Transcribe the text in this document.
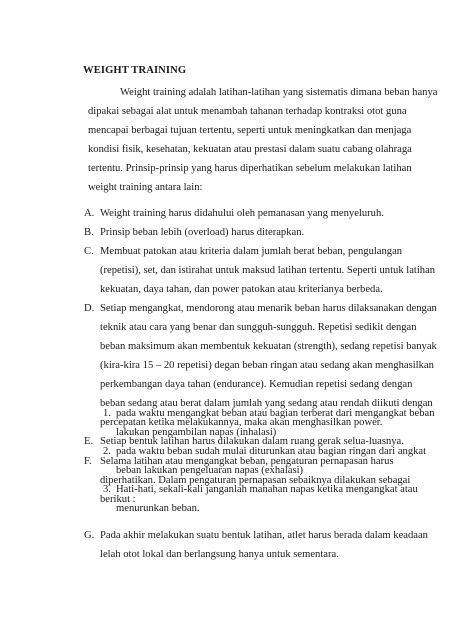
WEIGHT TRAINING
Weight training adalah latihan-latihan yang sistematis dimana beban hanya
dipakai sebagai alat untuk menambah tahanan terhadap kontraksi otot guna
mencapai berbagai tujuan tertentu, seperti untuk meningkatkan dan menjaga
kondisi fisik, kesehatan, kekuatan atau prestasi dalam suatu cabang olahraga
tertentu. Prinsip-prinsip yang harus diperhatikan sebelum melakukan latihan
weight training antara lain:
A. Weight training harus didahului oleh pemanasan yang menyeluruh.
B. Prinsip beban lebih (overload) harus diterapkan.
C. Membuat patokan atau kriteria dalam jumlah berat beban, pengulangan
(repetisi), set, dan istirahat untuk maksud latihan tertentu. Seperti untuk latihan
kekuatan, daya tahan, dan power patokan atau kriterianya berbeda.
D. Setiap mengangkat, mendorong atau menarik beban harus dilaksanakan dengan
teknik atau cara yang benar dan sungguh-sungguh. Repetisi sedikit dengan
beban maksimum akan membentuk kekuatan (strength), sedang repetisi banyak
(kira-kira 15 – 20 repetisi) degan beban ringan atau sedang akan menghasilkan
perkembangan daya tahan (endurance). Kemudian repetisi sedang dengan
beban sedang atau berat dalam jumlah yang sedang atau rendah diikuti dengan
percepatan ketika melakukannya, maka akan menghasilkan power.
E. Setiap bentuk latihan harus dilakukan dalam ruang gerak selua-luasnya.
F. Selama latihan atau mengangkat beban, pengaturan pernapasan harus
diperhatikan. Dalam pengaturan pernapasan sebaiknya dilakukan sebagai
berikut :
G. Pada akhir melakukan suatu bentuk latihan, atlet harus berada dalam keadaan
lelah otot lokal dan berlangsung hanya untuk sementara.
1. pada waktu mengangkat beban atau bagian terberat dari mengangkat beban
lakukan pengambilan napas (inhalasi)
2. pada waktu beban sudah mulai diturunkan atau bagian ringan dari angkat
beban lakukan pengeluaran napas (exhalasi)
3. Hati-hati, sekali-kali janganlah manahan napas ketika mengangkat atau
menurunkan beban.
